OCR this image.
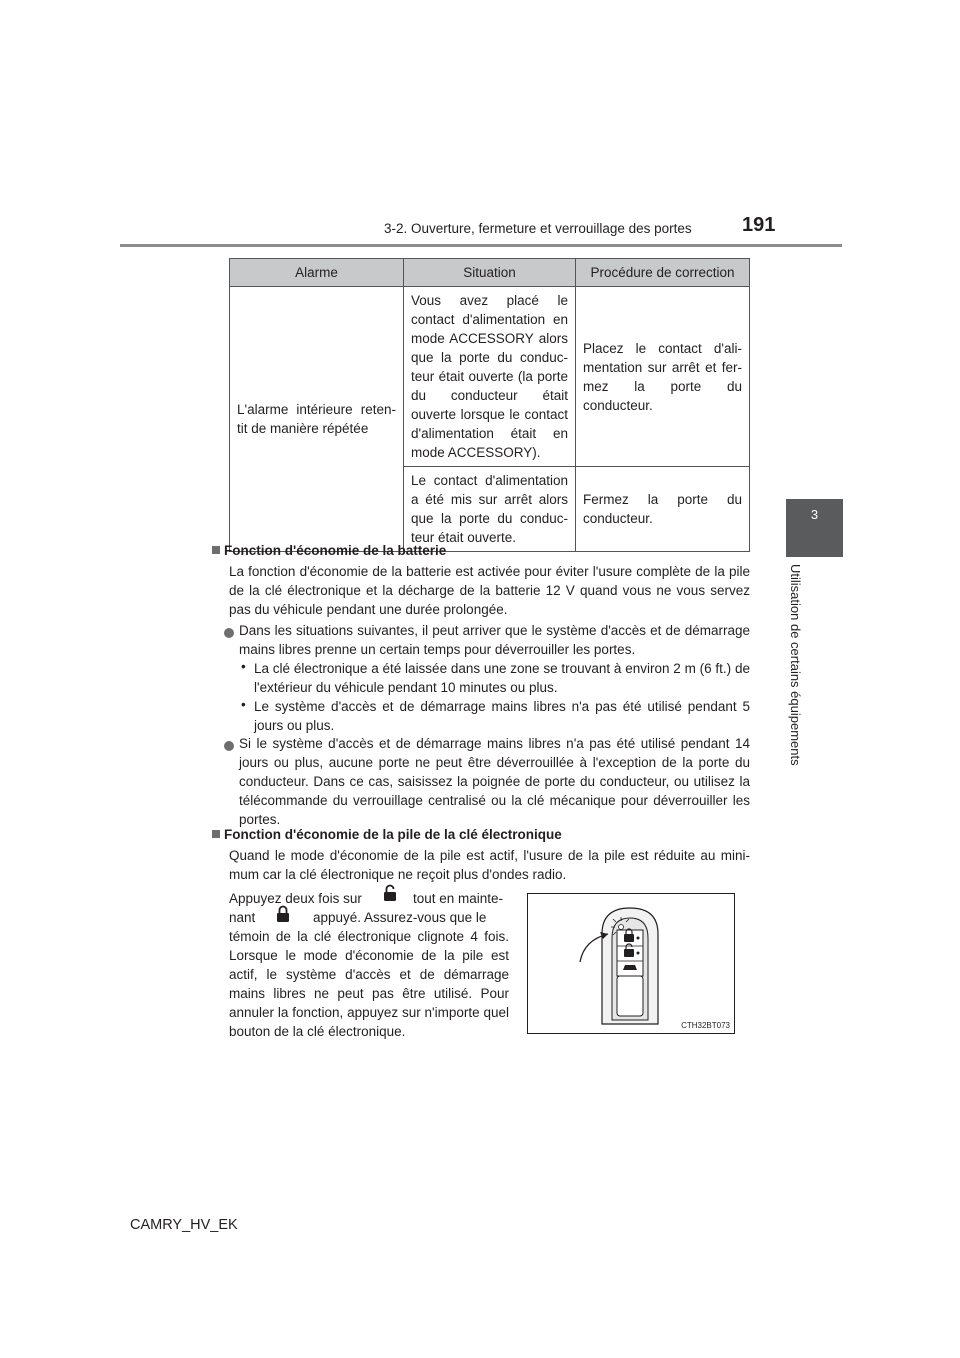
3-2. Ouverture, fermeture et verrouillage des portes	191
3
Utilisation de certains équipements
Alarme	Situation	Procédure de correction
L'alarme intérieure reten-tit de manière répétée	Vous avez placé le contact d'alimentation en mode ACCESSORY alors que la porte du conduc-teur était ouverte (la porte du conducteur était ouverte lorsque le contact d'alimentation était en mode ACCESSORY).	Placez le contact d'ali-mentation sur arrêt et fer-mez la porte du conducteur.
	Le contact d'alimentation a été mis sur arrêt alors que la porte du conduc-teur était ouverte.	Fermez la porte du conducteur.
Fonction d'économie de la batterie
La fonction d'économie de la batterie est activée pour éviter l'usure complète de la pile de la clé électronique et la décharge de la batterie 12 V quand vous ne vous servez pas du véhicule pendant une durée prolongée.
Dans les situations suivantes, il peut arriver que le système d'accès et de démarrage mains libres prenne un certain temps pour déverrouiller les portes.
• La clé électronique a été laissée dans une zone se trouvant à environ 2 m (6 ft.) de l'extérieur du véhicule pendant 10 minutes ou plus.
• Le système d'accès et de démarrage mains libres n'a pas été utilisé pendant 5 jours ou plus.
Si le système d'accès et de démarrage mains libres n'a pas été utilisé pendant 14 jours ou plus, aucune porte ne peut être déverrouillée à l'exception de la porte du conducteur. Dans ce cas, saisissez la poignée de porte du conducteur, ou utilisez la télécommande du verrouillage centralisé ou la clé mécanique pour déverrouiller les portes.
Fonction d'économie de la pile de la clé électronique
Quand le mode d'économie de la pile est actif, l'usure de la pile est réduite au mini-mum car la clé électronique ne reçoit plus d'ondes radio.
Appuyez deux fois sur	tout en mainte-
nant	appuyé. Assurez-vous que le
témoin de la clé électronique clignote 4 fois. Lorsque le mode d'économie de la pile est actif, le système d'accès et de démarrage mains libres ne peut pas être utilisé. Pour annuler la fonction, appuyez sur n'importe quel bouton de la clé électronique.	CTH32BT073
CAMRY_HV_EK
